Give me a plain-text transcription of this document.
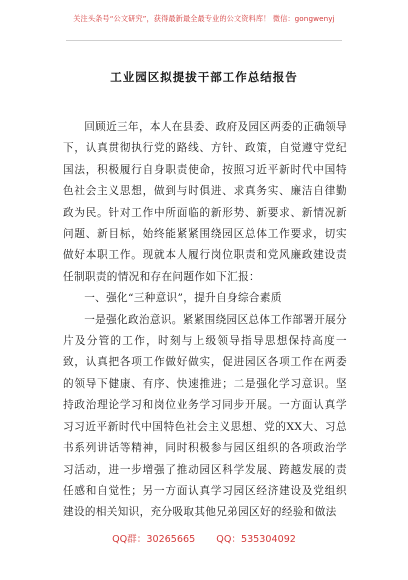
关注头条号“公文研究”，获得最新最全最专业的公文资料库！ 微信：gongwenyj
工业园区拟提拔干部工作总结报告

回顾近三年，本人在县委、政府及园区两委的正确领导下，认真贯彻执行党的路线、方针、政策，自觉遵守党纪国法，积极履行自身职责使命，按照习近平新时代中国特色社会主义思想，做到与时俱进、求真务实、廉洁自律勤政为民。针对工作中所面临的新形势、新要求、新情况新问题、新目标，始终能紧紧围绕园区总体工作要求，切实做好本职工作。现就本人履行岗位职责和党风廉政建设责任制职责的情况和存在问题作如下汇报：

一、强化“三种意识”，提升自身综合素质

一是强化政治意识。紧紧围绕园区总体工作部署开展分片及分管的工作，时刻与上级领导指导思想保持高度一致，认真把各项工作做好做实，促进园区各项工作在两委的领导下健康、有序、快速推进；二是强化学习意识。坚持政治理论学习和岗位业务学习同步开展。一方面认真学习习近平新时代中国特色社会主义思想、党的XX大、习总书系列讲话等精神，同时积极参与园区组织的各项政治学习活动，进一步增强了推动园区科学发展、跨越发展的责任感和自觉性；另一方面认真学习园区经济建设及党组织建设的相关知识，充分吸取其他兄弟园区好的经验和做法

QQ群：30265665 QQ：535304092
